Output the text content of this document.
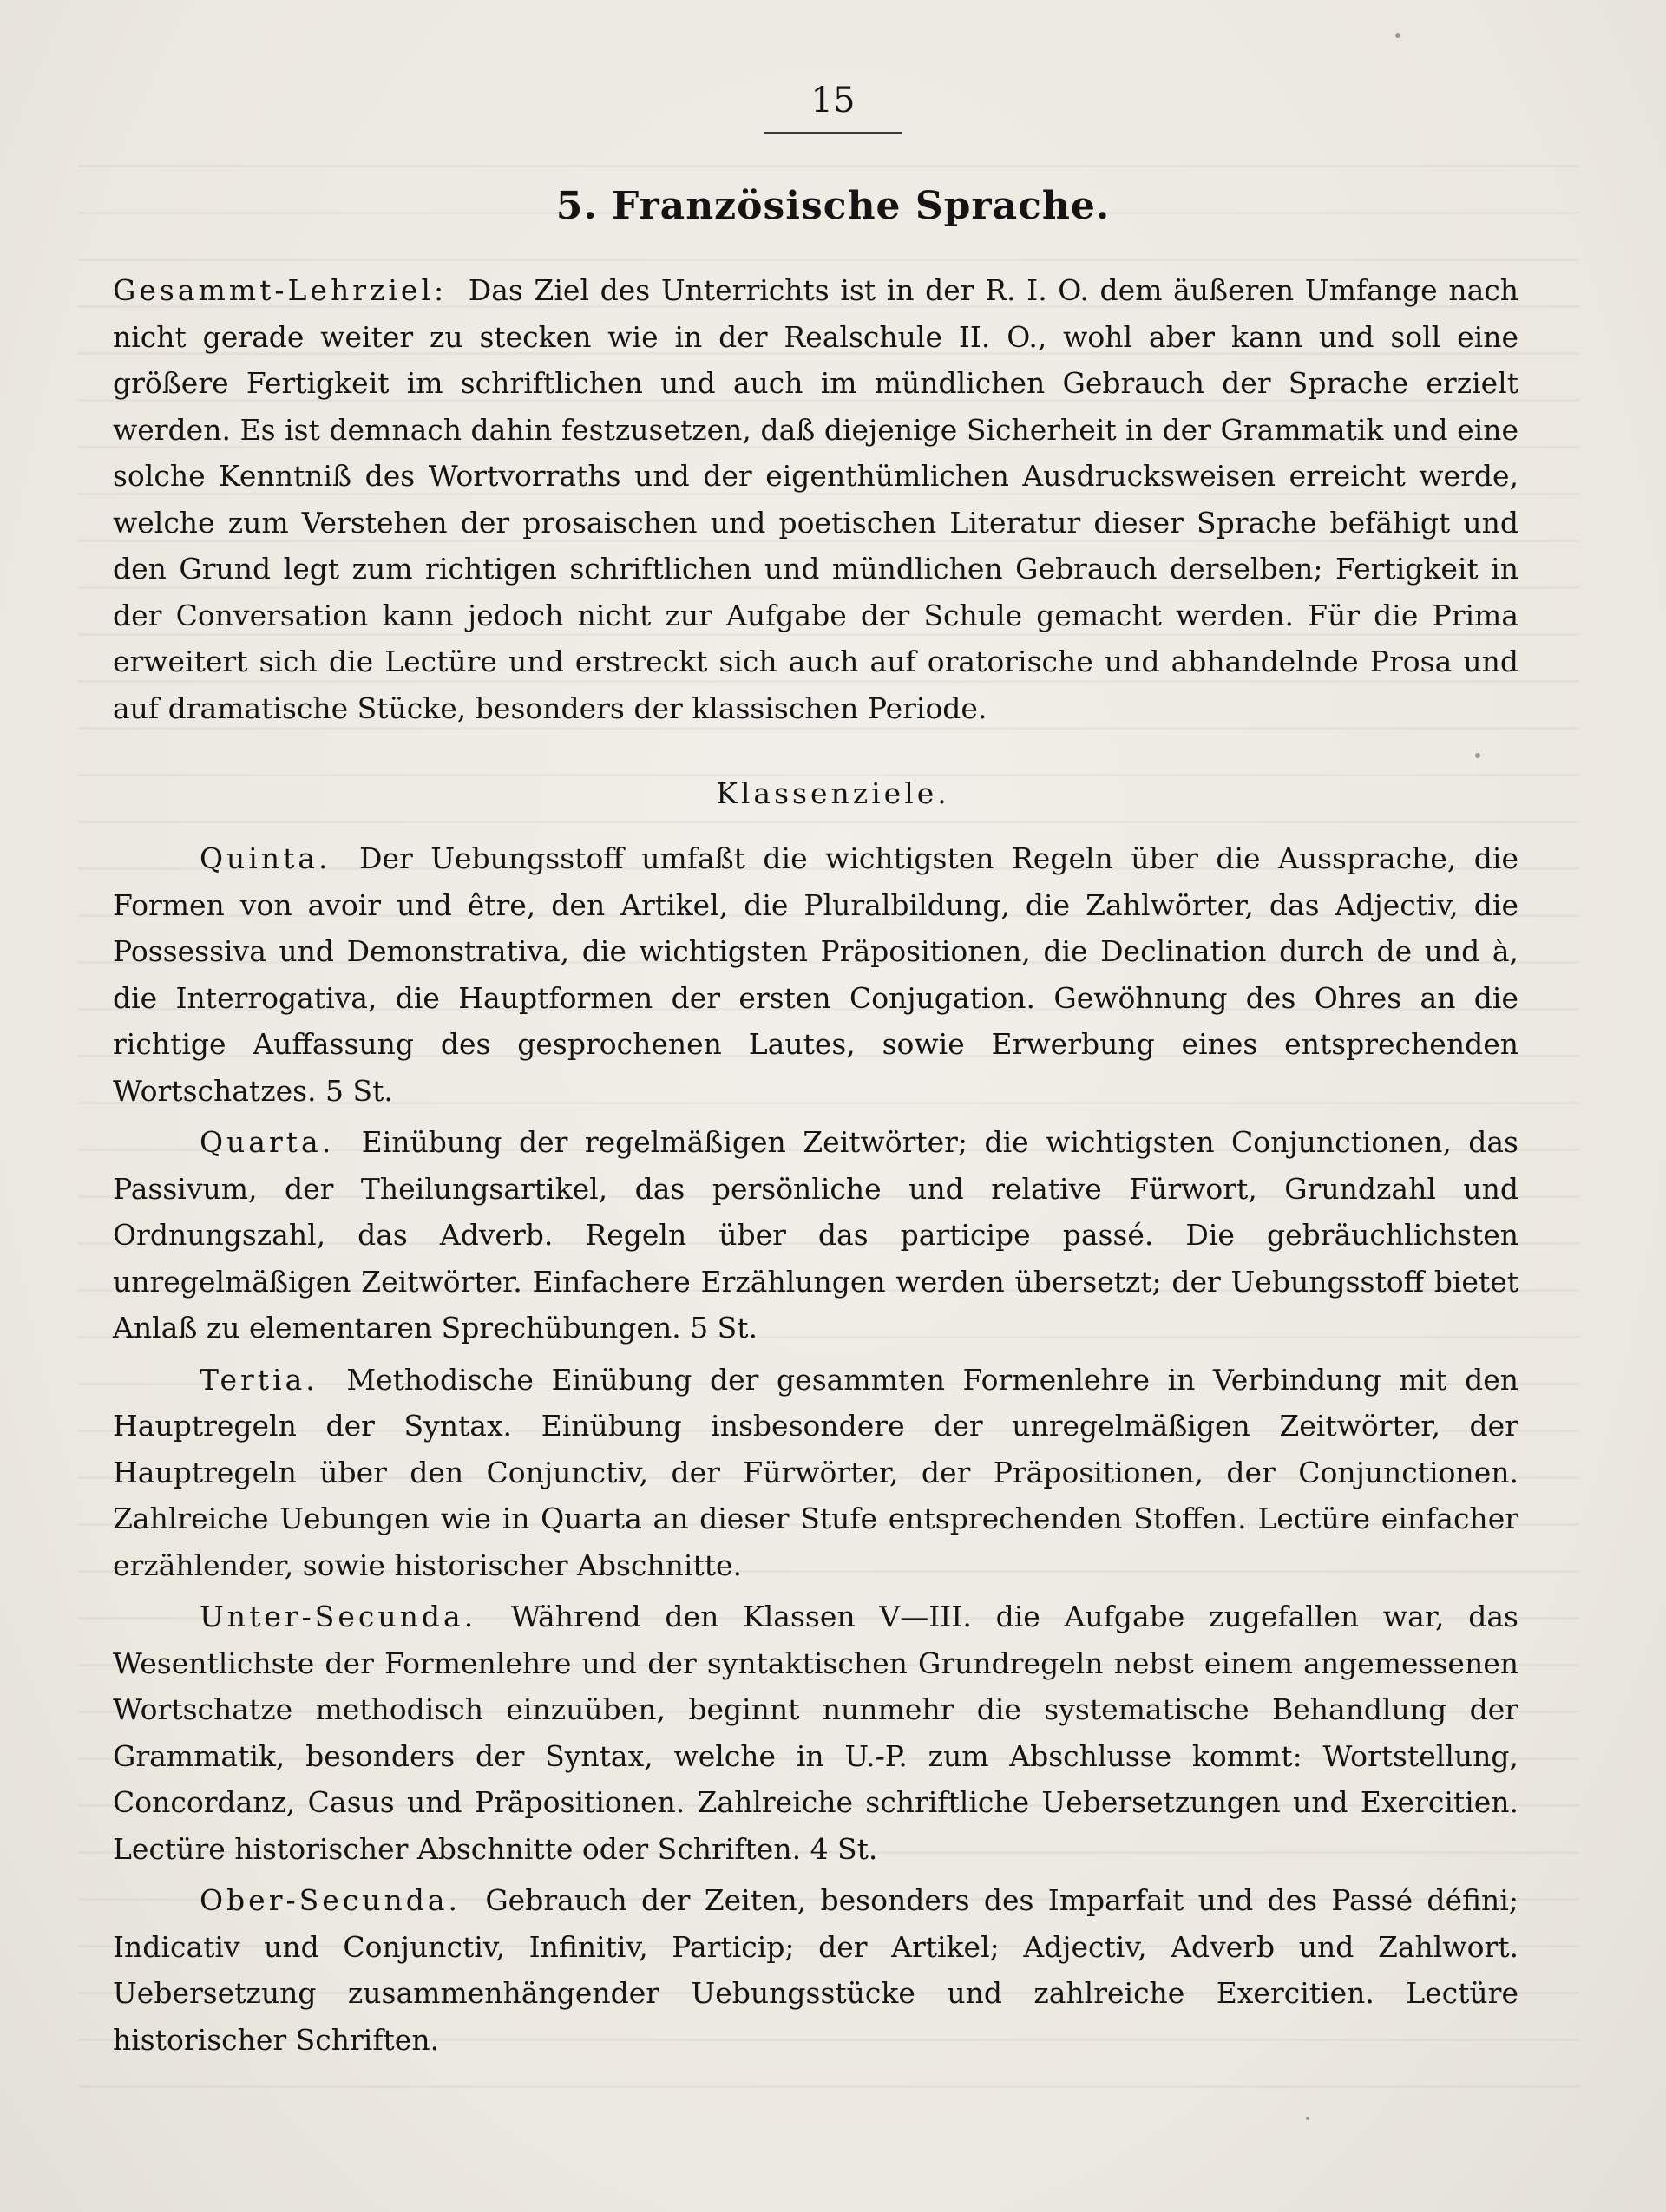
15
5. Französische Sprache.

Gesammt-Lehrziel: Das Ziel des Unterrichts ist in der R. I. O. dem äußeren Umfange nach nicht gerade weiter zu stecken wie in der Realschule II. O., wohl aber kann und soll eine größere Fertigkeit im schriftlichen und auch im mündlichen Gebrauch der Sprache erzielt werden. Es ist demnach dahin festzusetzen, daß diejenige Sicherheit in der Grammatik und eine solche Kenntniß des Wortvorraths und der eigenthümlichen Ausdrucksweisen erreicht werde, welche zum Verstehen der prosaischen und poetischen Literatur dieser Sprache befähigt und den Grund legt zum richtigen schriftlichen und mündlichen Gebrauch derselben; Fertigkeit in der Conversation kann jedoch nicht zur Aufgabe der Schule gemacht werden. Für die Prima erweitert sich die Lectüre und erstreckt sich auch auf oratorische und abhandelnde Prosa und auf dramatische Stücke, besonders der klassischen Periode.

Klassenziele.

Quinta. Der Uebungsstoff umfaßt die wichtigsten Regeln über die Aussprache, die Formen von avoir und être, den Artikel, die Pluralbildung, die Zahlwörter, das Adjectiv, die Possessiva und Demonstrativa, die wichtigsten Präpositionen, die Declination durch de und à, die Interrogativa, die Hauptformen der ersten Conjugation. Gewöhnung des Ohres an die richtige Auffassung des gesprochenen Lautes, sowie Erwerbung eines entsprechenden Wortschatzes. 5 St.

Quarta. Einübung der regelmäßigen Zeitwörter; die wichtigsten Conjunctionen, das Passivum, der Theilungsartikel, das persönliche und relative Fürwort, Grundzahl und Ordnungszahl, das Adverb. Regeln über das participe passé. Die gebräuchlichsten unregelmäßigen Zeitwörter. Einfachere Erzählungen werden übersetzt; der Uebungsstoff bietet Anlaß zu elementaren Sprechübungen. 5 St.

Tertia. Methodische Einübung der gesammten Formenlehre in Verbindung mit den Hauptregeln der Syntax. Einübung insbesondere der unregelmäßigen Zeitwörter, der Hauptregeln über den Conjunctiv, der Fürwörter, der Präpositionen, der Conjunctionen. Zahlreiche Uebungen wie in Quarta an dieser Stufe entsprechenden Stoffen. Lectüre einfacher erzählender, sowie historischer Abschnitte.

Unter-Secunda. Während den Klassen V—III. die Aufgabe zugefallen war, das Wesentlichste der Formenlehre und der syntaktischen Grundregeln nebst einem angemessenen Wortschatze methodisch einzuüben, beginnt nunmehr die systematische Behandlung der Grammatik, besonders der Syntax, welche in U.-P. zum Abschlusse kommt: Wortstellung, Concordanz, Casus und Präpositionen. Zahlreiche schriftliche Uebersetzungen und Exercitien. Lectüre historischer Abschnitte oder Schriften. 4 St.

Ober-Secunda. Gebrauch der Zeiten, besonders des Imparfait und des Passé défini; Indicativ und Conjunctiv, Infinitiv, Particip; der Artikel; Adjectiv, Adverb und Zahlwort. Uebersetzung zusammenhängender Uebungsstücke und zahlreiche Exercitien. Lectüre historischer Schriften.
